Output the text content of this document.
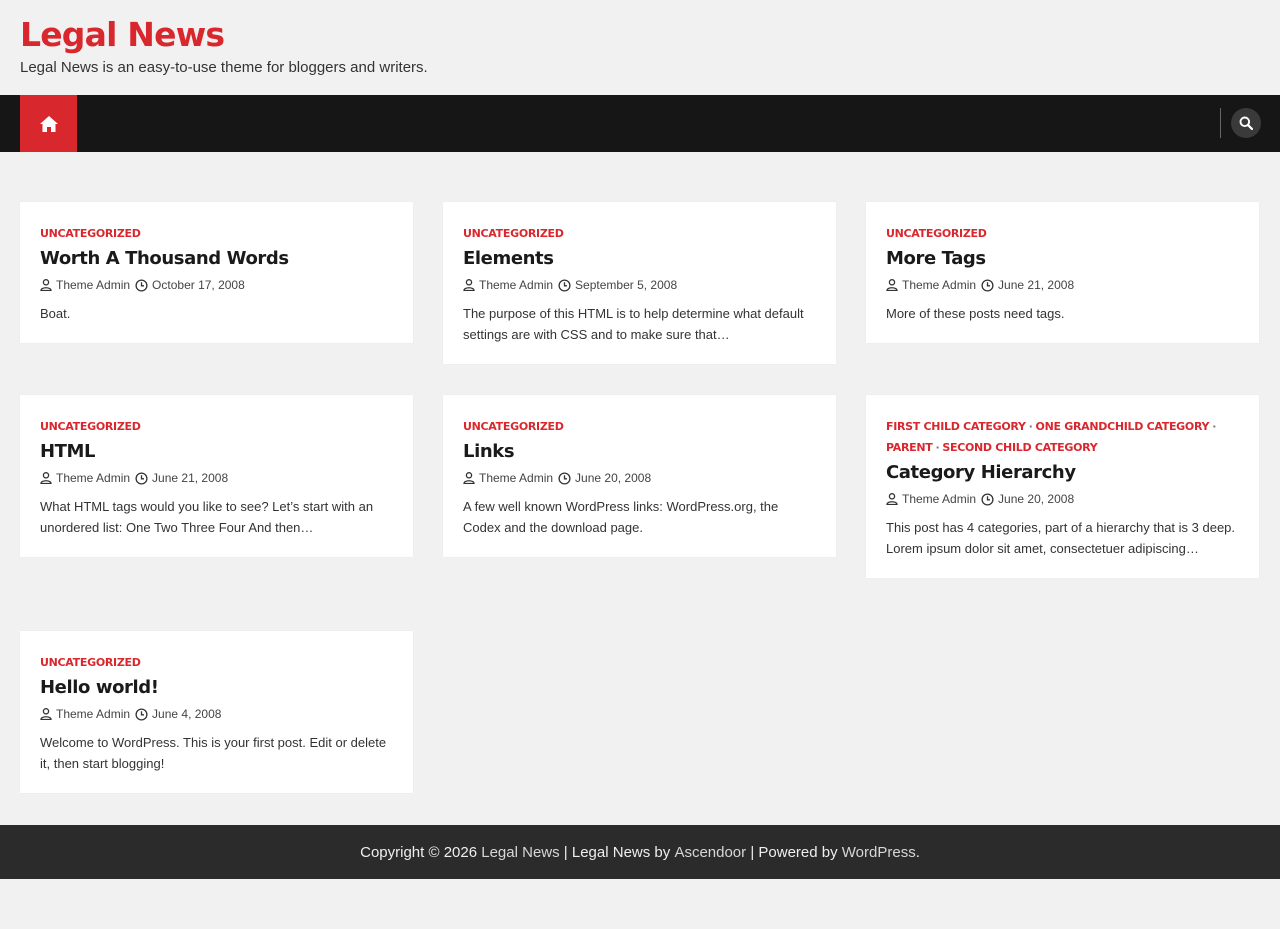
Legal News

Legal News is an easy-to-use theme for bloggers and writers.

UNCATEGORIZED
Worth A Thousand Words
Theme Admin October 17, 2008

Boat.

UNCATEGORIZED
Elements
Theme Admin September 5, 2008

The purpose of this HTML is to help determine what default settings are with CSS and to make sure that…

UNCATEGORIZED
More Tags
Theme Admin June 21, 2008

More of these posts need tags.

UNCATEGORIZED
HTML
Theme Admin June 21, 2008

What HTML tags would you like to see? Let’s start with an unordered list: One Two Three Four And then…

UNCATEGORIZED
Links
Theme Admin June 20, 2008

A few well known WordPress links: WordPress.org, the Codex and the download page.

FIRST CHILD CATEGORY · ONE GRANDCHILD CATEGORY ·
PARENT · SECOND CHILD CATEGORY
Category Hierarchy
Theme Admin June 20, 2008

This post has 4 categories, part of a hierarchy that is 3 deep. Lorem ipsum dolor sit amet, consectetuer adipiscing…

UNCATEGORIZED
Hello world!
Theme Admin June 4, 2008

Welcome to WordPress. This is your first post. Edit or delete it, then start blogging!

Copyright © 2026 Legal News | Legal News by Ascendoor | Powered by WordPress .
